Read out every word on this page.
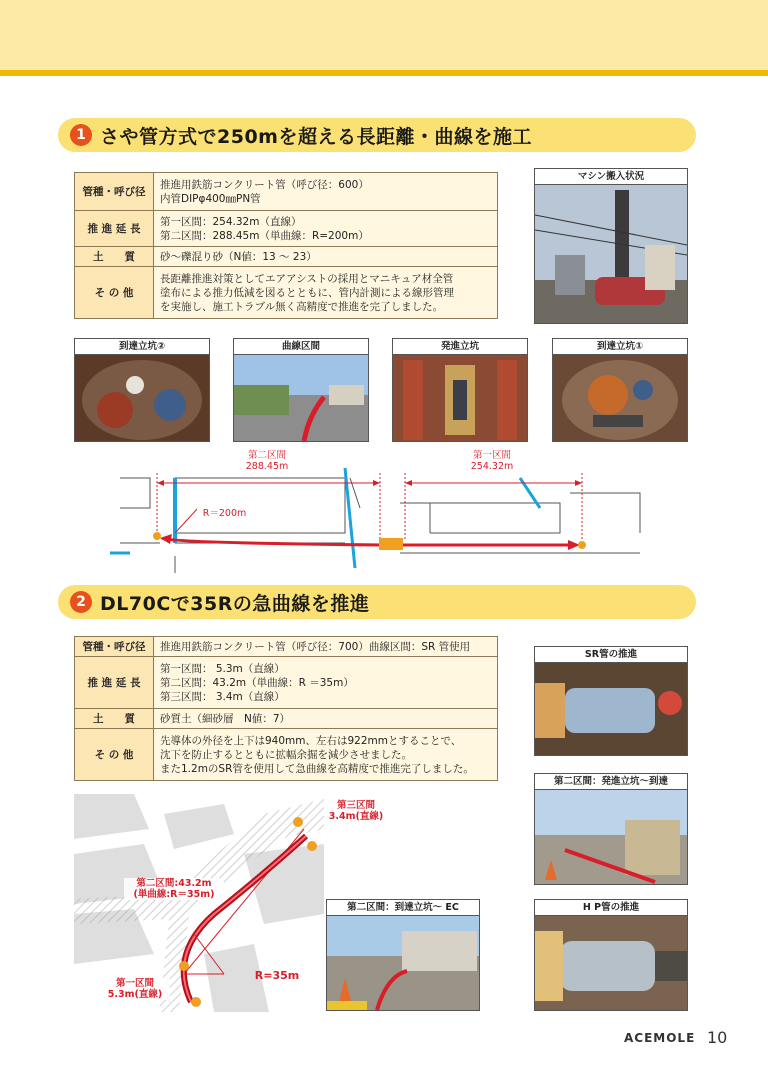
1 さや管方式で250mを超える長距離・曲線を施工
管種・呼び径	推進用鉄筋コンクリート管（呼び径：600）
内管DIPφ400㎜PN管

推 進 延 長	第一区間：254.32m（直線）
第二区間：288.45m（単曲線：R=200m）

土　　質	砂〜礫混り砂（N値：13 〜 23）

そ の 他	長距離推進対策としてエアアシストの採用とマニキュア材全管
塗布による推力低減を図るとともに、管内計測による線形管理
を実施し、施工トラブル無く高精度で推進を完了しました。
マシン搬入状況
到達立坑②	曲線区間	発進立坑	到達立坑①
第二区間
288.45m
第一区間
254.32m
R＝200m
2 DL70Cで35Rの急曲線を推進
管種・呼び径	推進用鉄筋コンクリート管（呼び径：700）曲線区間：SR 管使用

推 進 延 長	第一区間： 5.3m（直線）
第二区間：43.2m（単曲線：R ＝35m）
第三区間： 3.4m（直線）

土　　質	砂質土（細砂層　N値：7）

そ の 他	先導体の外径を上下は940mm、左右は922mmとすることで、
沈下を防止するとともに拡幅余掘を減少させました。
また1.2mのSR管を使用して急曲線を高精度で推進完了しました。
SR管の推進
第二区間：発進立坑〜到達
H P管の推進
第二区間：到達立坑〜 EC
第三区間
3.4m(直線)
第二区間:43.2m
(単曲線:R＝35m)
第一区間
5.3m(直線)
R=35m
ACEMOLE 10
